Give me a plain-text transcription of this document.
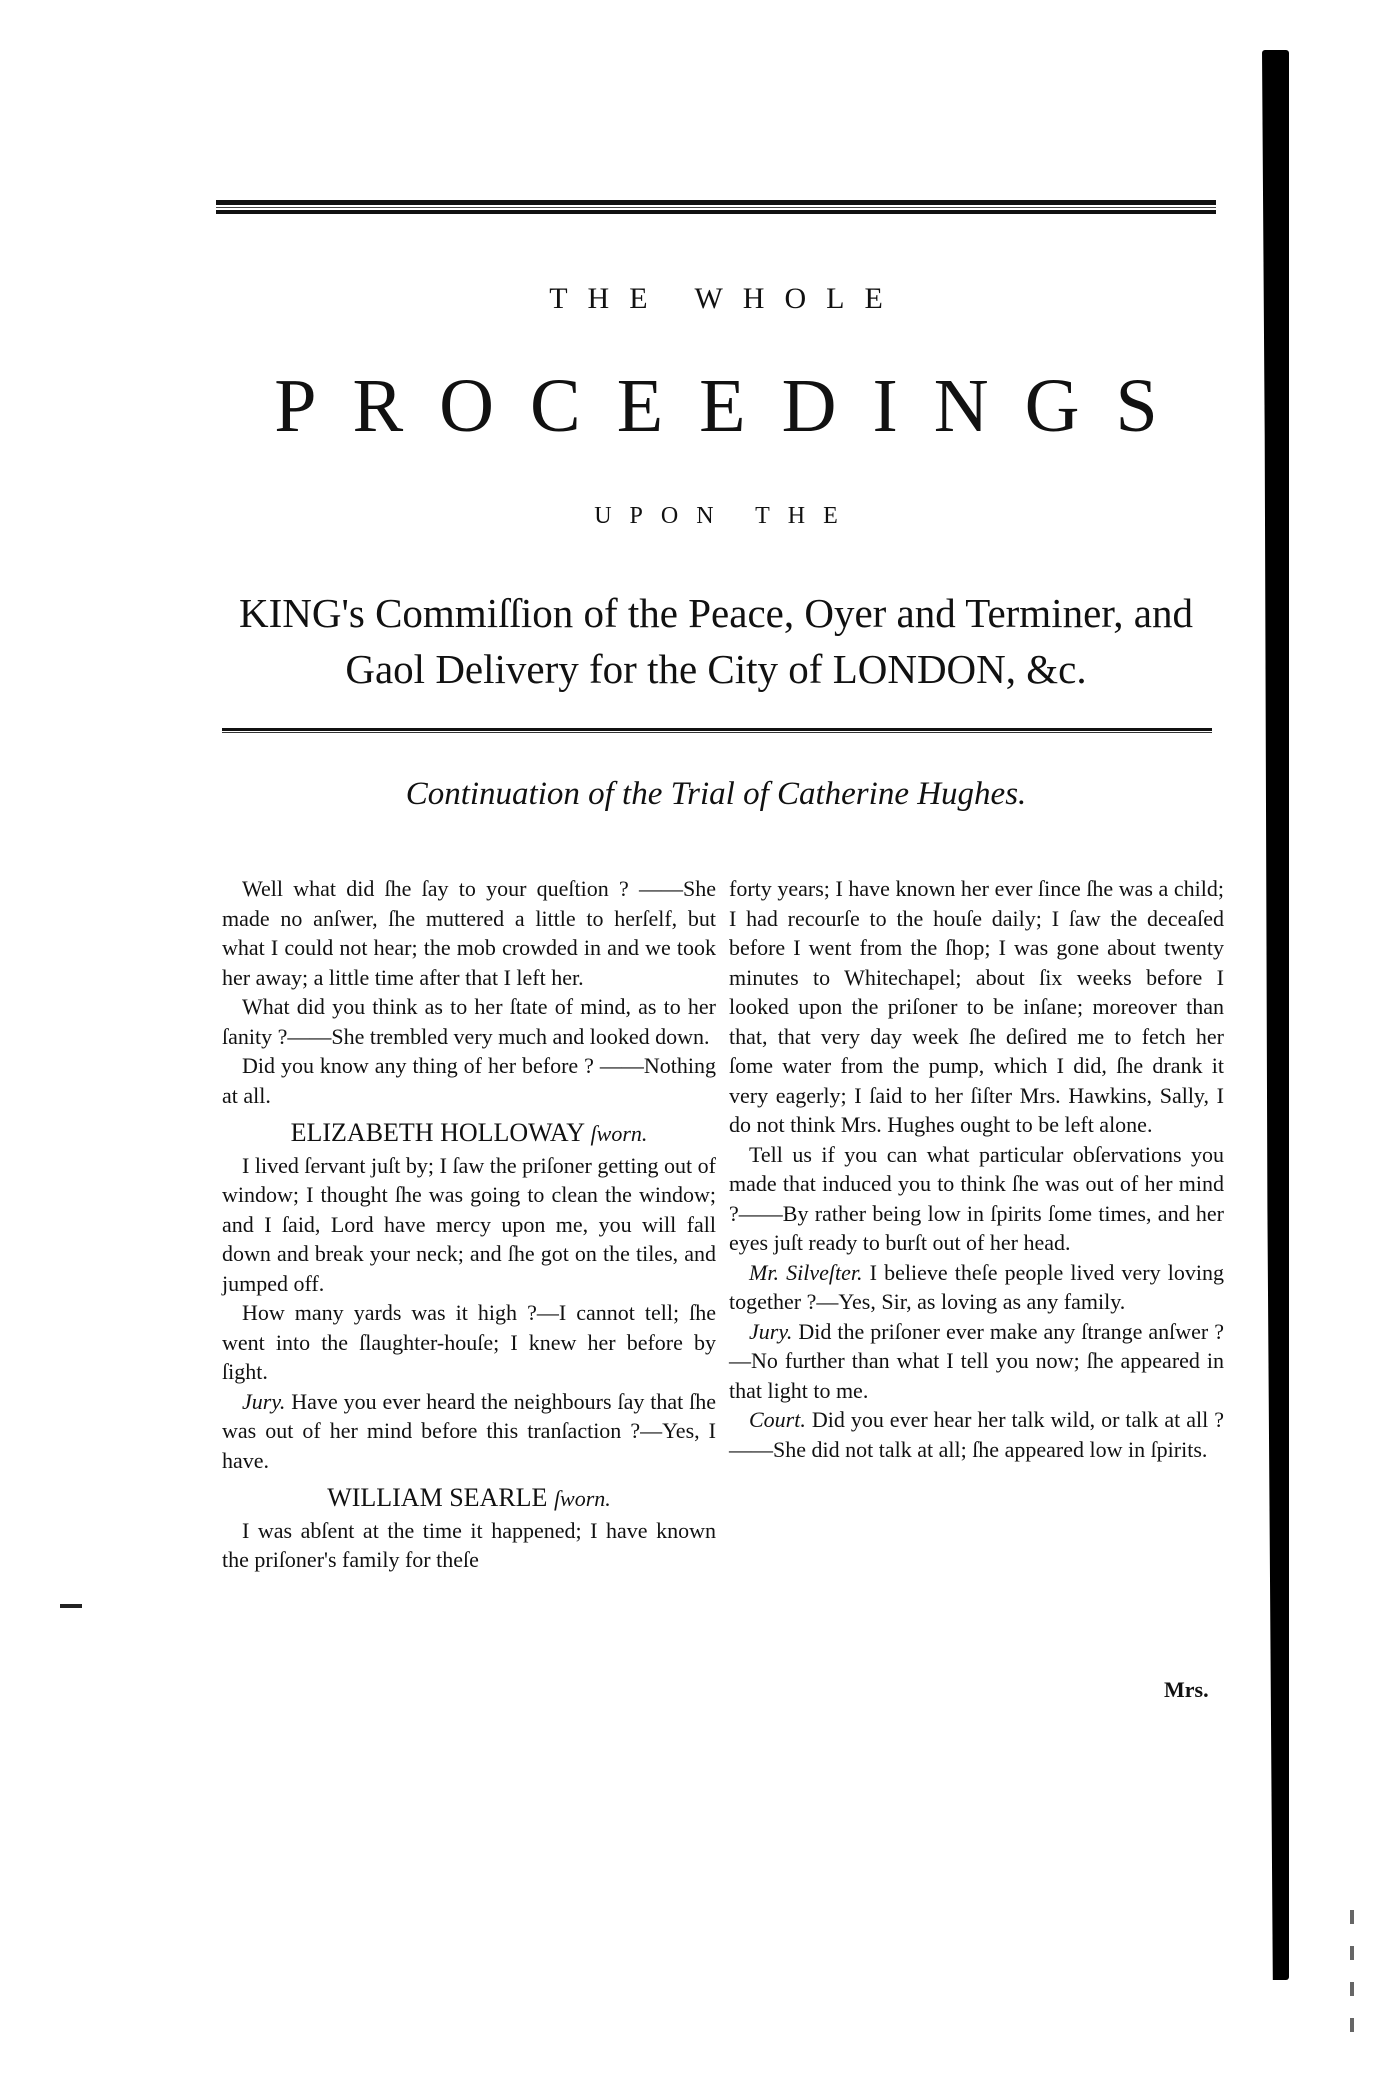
THE WHOLE
PROCEEDINGS
UPON THE
KING's Commiſſion of the Peace, Oyer and Terminer, and
Gaol Delivery for the City of LONDON, &c.
Continuation of the Trial of Catherine Hughes.

Well what did ſhe ſay to your queſtion ? ——She made no anſwer, ſhe muttered a little to herſelf, but what I could not hear; the mob crowded in and we took her away; a little time after that I left her.

What did you think as to her ſtate of mind, as to her ſanity ?——She trembled very much and looked down.

Did you know any thing of her before ? ——Nothing at all.

ELIZABETH HOLLOWAY ſworn.

I lived ſervant juſt by; I ſaw the priſoner getting out of window; I thought ſhe was going to clean the window; and I ſaid, Lord have mercy upon me, you will fall down and break your neck; and ſhe got on the tiles, and jumped off.

How many yards was it high ?—I cannot tell; ſhe went into the ſlaughter-houſe; I knew her before by ſight.

Jury. Have you ever heard the neighbours ſay that ſhe was out of her mind before this tranſaction ?—Yes, I have.

WILLIAM SEARLE ſworn.

I was abſent at the time it happened; I have known the priſoner's family for theſe

forty years; I have known her ever ſince ſhe was a child; I had recourſe to the houſe daily; I ſaw the deceaſed before I went from the ſhop; I was gone about twenty minutes to Whitechapel; about ſix weeks before I looked upon the priſoner to be inſane; moreover than that, that very day week ſhe deſired me to fetch her ſome water from the pump, which I did, ſhe drank it very eagerly; I ſaid to her ſiſter Mrs. Hawkins, Sally, I do not think Mrs. Hughes ought to be left alone.

Tell us if you can what particular obſervations you made that induced you to think ſhe was out of her mind ?——By rather being low in ſpirits ſome times, and her eyes juſt ready to burſt out of her head.

Mr. Silveſter. I believe theſe people lived very loving together ?—Yes, Sir, as loving as any family.

Jury. Did the priſoner ever make any ſtrange anſwer ?—No further than what I tell you now; ſhe appeared in that light to me.

Court. Did you ever hear her talk wild, or talk at all ?——She did not talk at all; ſhe appeared low in ſpirits.

Mrs.
